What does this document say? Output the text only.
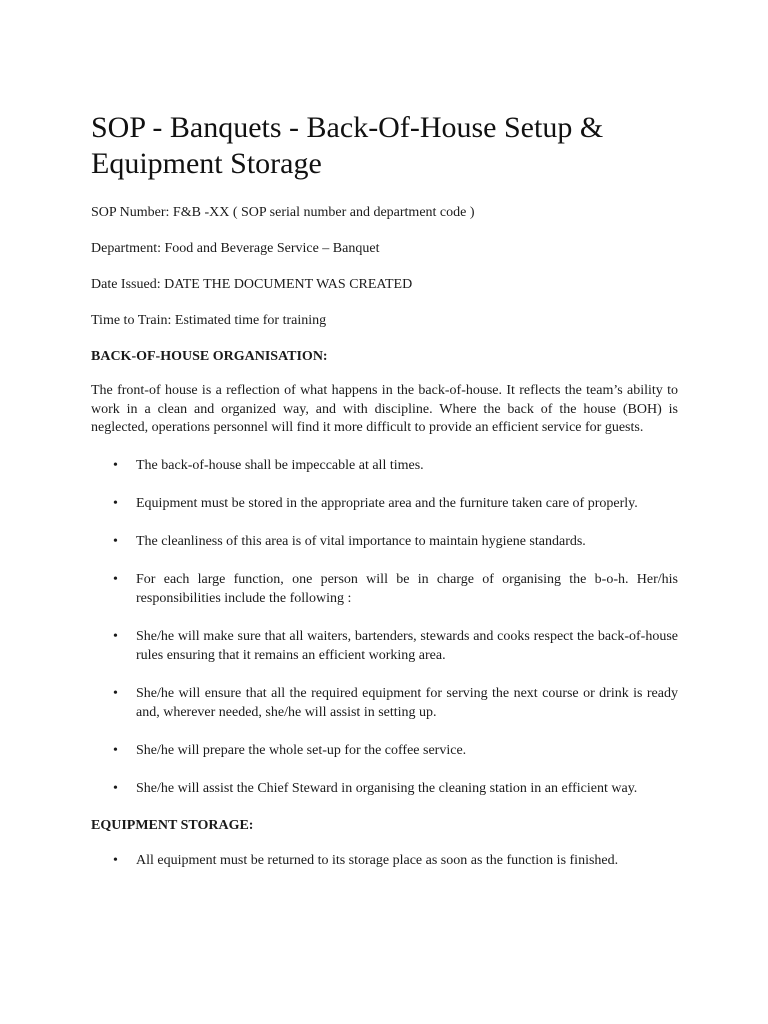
SOP - Banquets - Back-Of-House Setup & Equipment Storage

SOP Number: F&B -XX ( SOP serial number and department code )

Department: Food and Beverage Service – Banquet

Date Issued: DATE THE DOCUMENT WAS CREATED

Time to Train: Estimated time for training

BACK-OF-HOUSE ORGANISATION:

The front-of house is a reflection of what happens in the back-of-house. It reflects the team’s ability to work in a clean and organized way, and with discipline. Where the back of the house (BOH) is neglected, operations personnel will find it more difficult to provide an efficient service for guests.

• The back-of-house shall be impeccable at all times.
• Equipment must be stored in the appropriate area and the furniture taken care of properly.
• The cleanliness of this area is of vital importance to maintain hygiene standards.
• For each large function, one person will be in charge of organising the b-o-h. Her/his responsibilities include the following :
• She/he will make sure that all waiters, bartenders, stewards and cooks respect the back-of-house rules ensuring that it remains an efficient working area.
• She/he will ensure that all the required equipment for serving the next course or drink is ready and, wherever needed, she/he will assist in setting up.
• She/he will prepare the whole set-up for the coffee service.
• She/he will assist the Chief Steward in organising the cleaning station in an efficient way.

EQUIPMENT STORAGE:

• All equipment must be returned to its storage place as soon as the function is finished.
